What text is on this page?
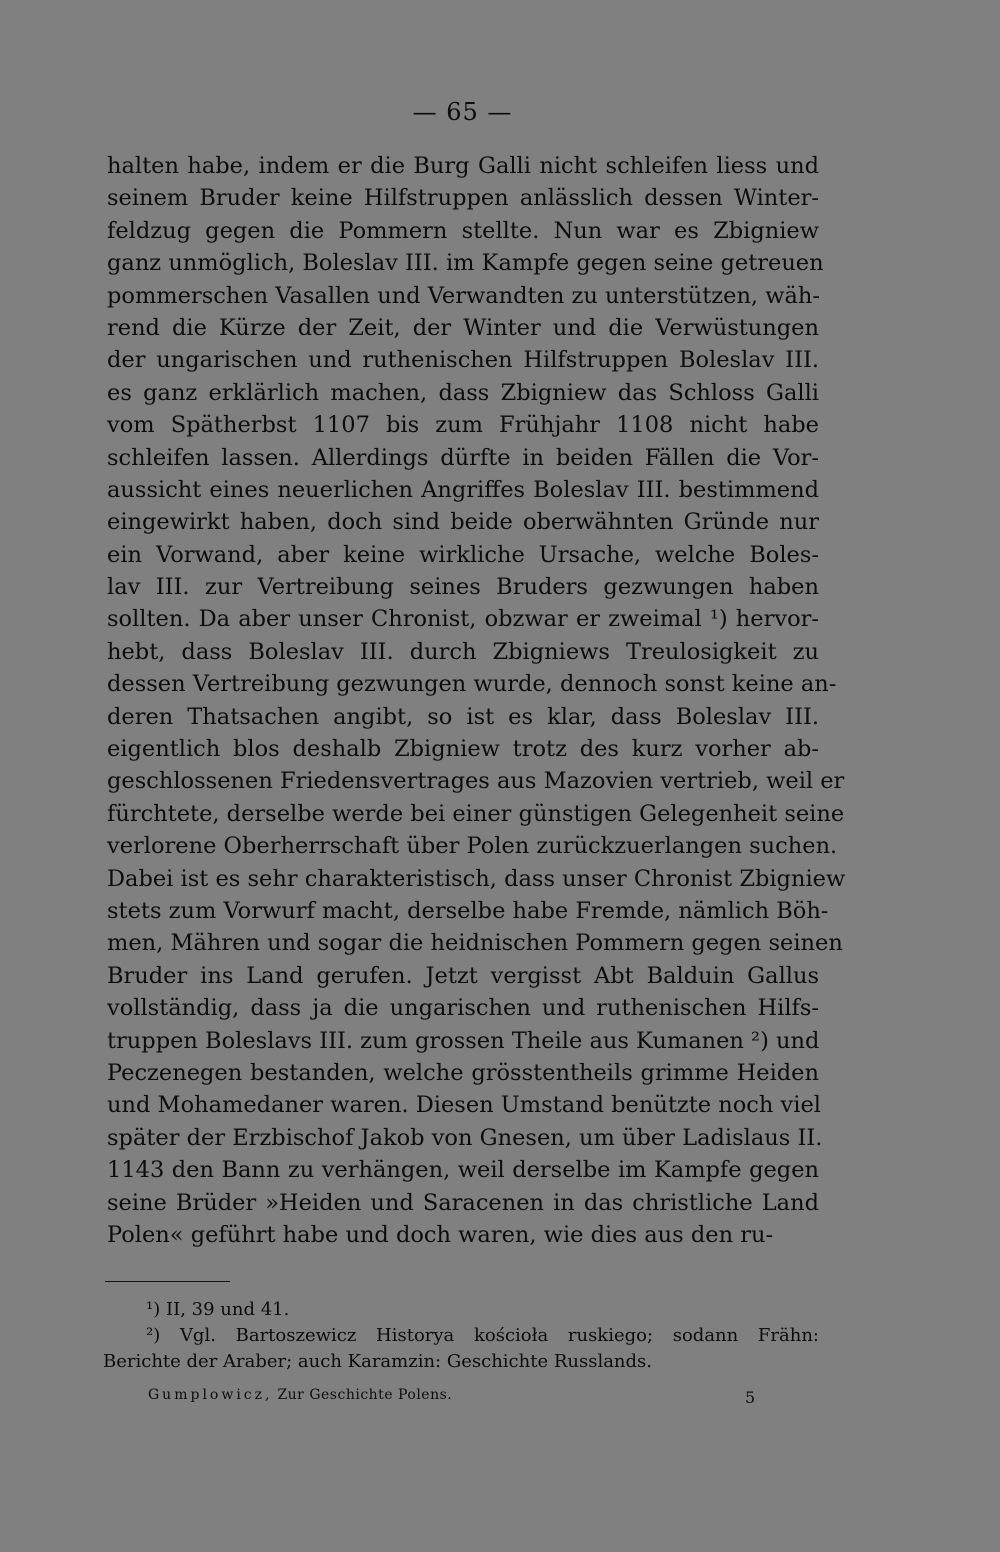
— 65 —
halten habe, indem er die Burg Galli nicht schleifen liess und
seinem Bruder keine Hilfstruppen anlässlich dessen Winter-
feldzug gegen die Pommern stellte. Nun war es Zbigniew
ganz unmöglich, Boleslav III. im Kampfe gegen seine getreuen
pommerschen Vasallen und Verwandten zu unterstützen, wäh-
rend die Kürze der Zeit, der Winter und die Verwüstungen
der ungarischen und ruthenischen Hilfstruppen Boleslav III.
es ganz erklärlich machen, dass Zbigniew das Schloss Galli
vom Spätherbst 1107 bis zum Frühjahr 1108 nicht habe
schleifen lassen. Allerdings dürfte in beiden Fällen die Vor-
aussicht eines neuerlichen Angriffes Boleslav III. bestimmend
eingewirkt haben, doch sind beide oberwähnten Gründe nur
ein Vorwand, aber keine wirkliche Ursache, welche Boles-
lav III. zur Vertreibung seines Bruders gezwungen haben
sollten. Da aber unser Chronist, obzwar er zweimal ¹) hervor-
hebt, dass Boleslav III. durch Zbigniews Treulosigkeit zu
dessen Vertreibung gezwungen wurde, dennoch sonst keine an-
deren Thatsachen angibt, so ist es klar, dass Boleslav III.
eigentlich blos deshalb Zbigniew trotz des kurz vorher ab-
geschlossenen Friedensvertrages aus Mazovien vertrieb, weil er
fürchtete, derselbe werde bei einer günstigen Gelegenheit seine
verlorene Oberherrschaft über Polen zurückzuerlangen suchen.
Dabei ist es sehr charakteristisch, dass unser Chronist Zbigniew
stets zum Vorwurf macht, derselbe habe Fremde, nämlich Böh-
men, Mähren und sogar die heidnischen Pommern gegen seinen
Bruder ins Land gerufen. Jetzt vergisst Abt Balduin Gallus
vollständig, dass ja die ungarischen und ruthenischen Hilfs-
truppen Boleslavs III. zum grossen Theile aus Kumanen ²) und
Peczenegen bestanden, welche grösstentheils grimme Heiden
und Mohamedaner waren. Diesen Umstand benützte noch viel
später der Erzbischof Jakob von Gnesen, um über Ladislaus II.
1143 den Bann zu verhängen, weil derselbe im Kampfe gegen
seine Brüder »Heiden und Saracenen in das christliche Land
Polen« geführt habe und doch waren, wie dies aus den ru-
¹) II, 39 und 41.
²) Vgl. Bartoszewicz Historya kościoła ruskiego; sodann Frähn:
Berichte der Araber; auch Karamzin: Geschichte Russlands.
Gumplowicz, Zur Geschichte Polens.	5
